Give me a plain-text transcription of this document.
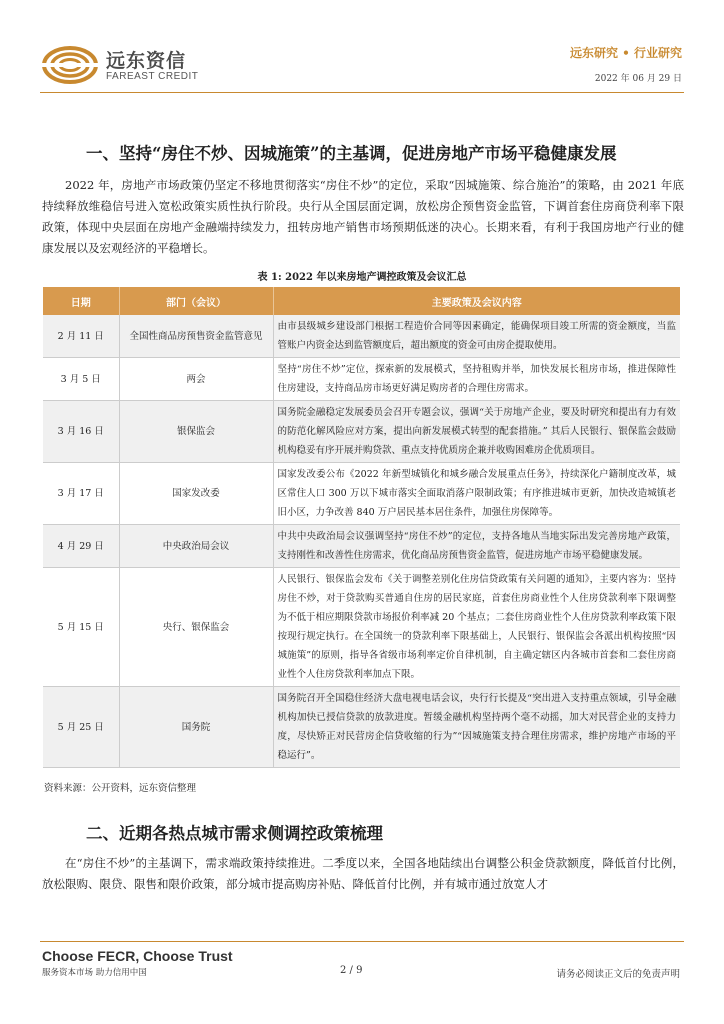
远东资信
FAREAST CREDIT
远东研究 • 行业研究
2022 年 06 月 29 日
一、坚持“房住不炒、因城施策”的主基调，促进房地产市场平稳健康发展

2022 年，房地产市场政策仍坚定不移地贯彻落实“房住不炒”的定位，采取“因城施策、综合施治”的策略，由 2021 年底持续释放维稳信号进入宽松政策实质性执行阶段。央行从全国层面定调，放松房企预售资金监管，下调首套住房商贷利率下限政策，体现中央层面在房地产金融端持续发力，扭转房地产销售市场预期低迷的决心。长期来看，有利于我国房地产行业的健康发展以及宏观经济的平稳增长。

表 1: 2022 年以来房地产调控政策及会议汇总
日期	部门（会议）	主要政策及会议内容
2 月 11 日	全国性商品房预售资金监管意见	由市县级城乡建设部门根据工程造价合同等因素确定，能确保项目竣工所需的资金额度，当监管账户内资金达到监管额度后，超出额度的资金可由房企提取使用。
3 月 5 日	两会	坚持“房住不炒”定位，探索新的发展模式，坚持租购并举，加快发展长租房市场，推进保障性住房建设，支持商品房市场更好满足购房者的合理住房需求。
3 月 16 日	银保监会	国务院金融稳定发展委员会召开专题会议，强调“关于房地产企业，要及时研究和提出有力有效的防范化解风险应对方案，提出向新发展模式转型的配套措施。” 其后人民银行、银保监会鼓励机构稳妥有序开展并购贷款、重点支持优质房企兼并收购困难房企优质项目。
3 月 17 日	国家发改委	国家发改委公布《2022 年新型城镇化和城乡融合发展重点任务》，持续深化户籍制度改革，城区常住人口 300 万以下城市落实全面取消落户限制政策；有序推进城市更新，加快改造城镇老旧小区，力争改善 840 万户居民基本居住条件，加强住房保障等。
4 月 29 日	中央政治局会议	中共中央政治局会议强调坚持“房住不炒”的定位，支持各地从当地实际出发完善房地产政策，支持刚性和改善性住房需求，优化商品房预售资金监管，促进房地产市场平稳健康发展。
5 月 15 日	央行、银保监会	人民银行、银保监会发布《关于调整差别化住房信贷政策有关问题的通知》，主要内容为：坚持房住不炒，对于贷款购买普通自住房的居民家庭，首套住房商业性个人住房贷款利率下限调整为不低于相应期限贷款市场报价利率减 20 个基点；二套住房商业性个人住房贷款利率政策下限按现行规定执行。在全国统一的贷款利率下限基础上，人民银行、银保监会各派出机构按照“因城施策”的原则，指导各省级市场利率定价自律机制，自主确定辖区内各城市首套和二套住房商业性个人住房贷款利率加点下限。
5 月 25 日	国务院	国务院召开全国稳住经济大盘电视电话会议，央行行长提及“突出进入支持重点领域，引导金融机构加快已授信贷款的放款进度。暂缓金融机构坚持两个毫不动摇，加大对民营企业的支持力度，尽快矫正对民营房企信贷收缩的行为”“因城施策支持合理住房需求，维护房地产市场的平稳运行”。
资料来源：公开资料，远东资信整理
二、近期各热点城市需求侧调控政策梳理

在“房住不炒”的主基调下，需求端政策持续推进。二季度以来，全国各地陆续出台调整公积金贷款额度，降低首付比例，放松限购、限贷、限售和限价政策，部分城市提高购房补贴、降低首付比例，并有城市通过放宽人才

Choose FECR, Choose Trust
服务资本市场 助力信用中国	2 / 9	请务必阅读正文后的免责声明
